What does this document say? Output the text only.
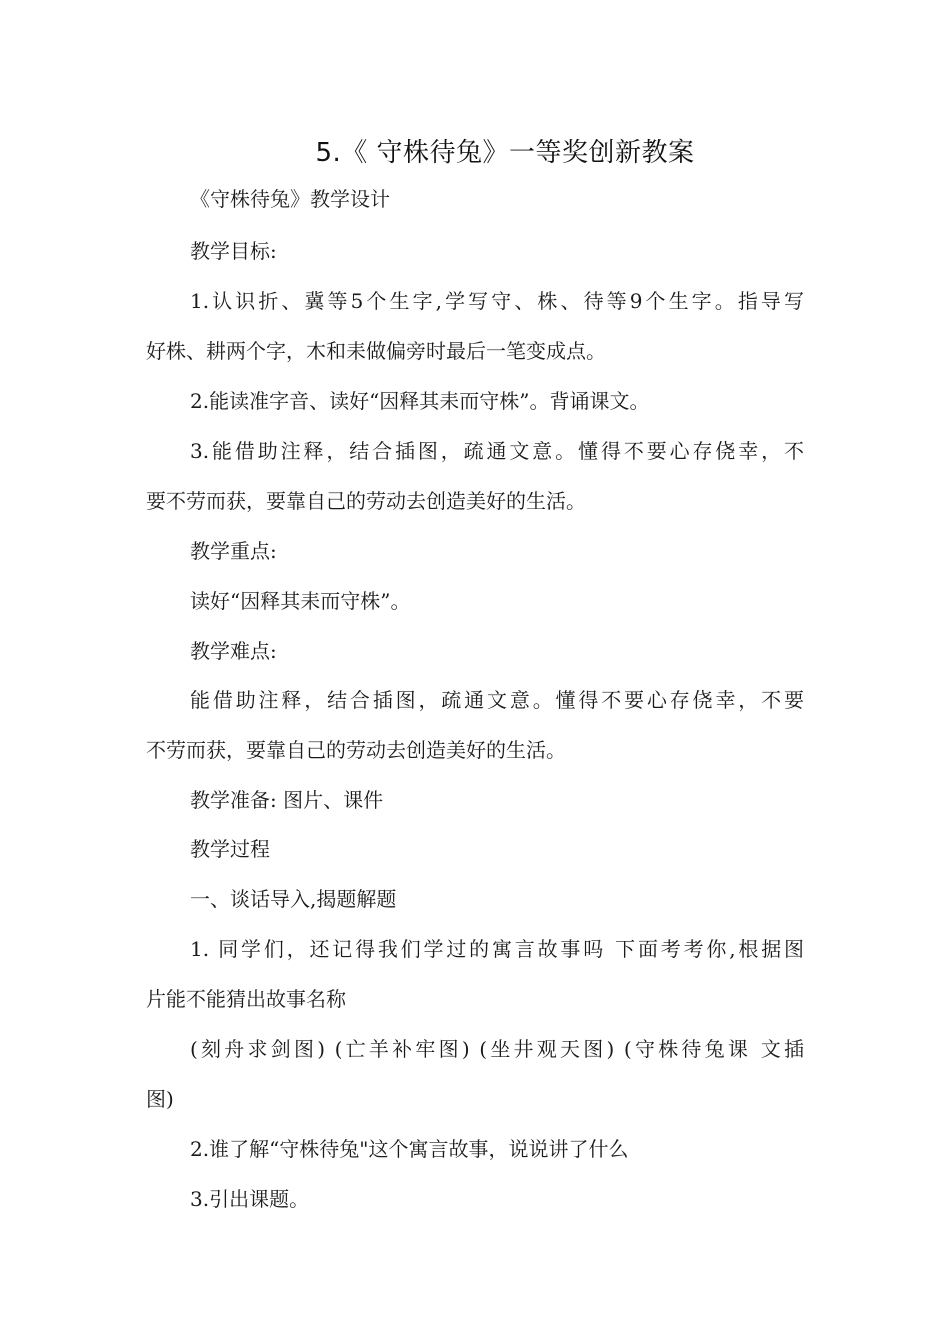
5.《 守株待兔》一等奖创新教案
《守株待兔》教学设计
教学目标:
1.认识折、冀等5个生字,学写守、株、待等9个生字。指导写
好株、耕两个字，木和耒做偏旁时最后一笔变成点。
2.能读准字音、读好“因释其耒而守株”。背诵课文。
3.能借助注释，结合插图，疏通文意。懂得不要心存侥幸，不
要不劳而获，要靠自己的劳动去创造美好的生活。
教学重点:
读好“因释其耒而守株”。
教学难点:
能借助注释，结合插图，疏通文意。懂得不要心存侥幸，不要
不劳而获，要靠自己的劳动去创造美好的生活。
教学准备: 图片、课件
教学过程
一、谈话导入,揭题解题
1. 同学们，还记得我们学过的寓言故事吗 下面考考你,根据图
片能不能猜出故事名称
(刻舟求剑图) (亡羊补牢图) (坐井观天图) (守株待兔课 文插
图)
2.谁了解“守株待兔"这个寓言故事，说说讲了什么
3.引出课题。
